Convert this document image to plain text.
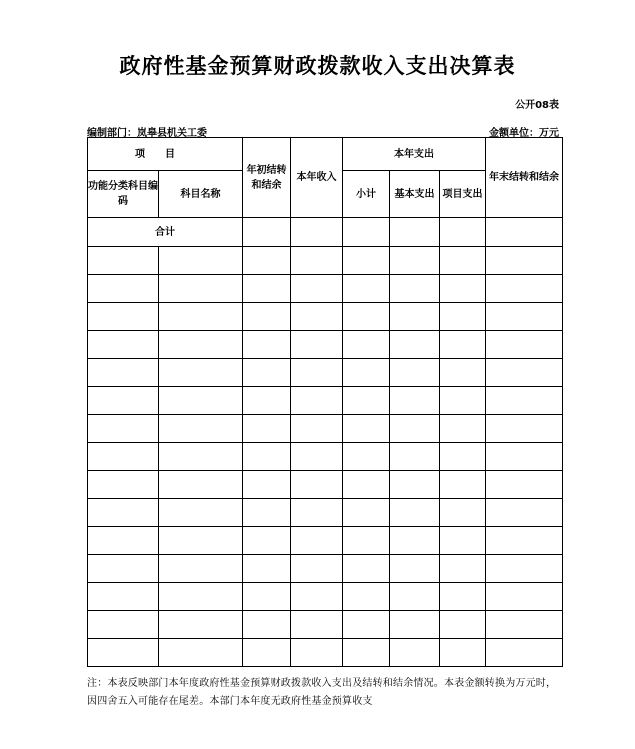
政府性基金预算财政拨款收入支出决算表
公开08表
编制部门：岚皋县机关工委	金额单位：万元
项目		年初结转和结余	本年收入	本年支出			年末结转和结余
功能分类科目编码	科目名称			小计	基本支出	项目支出	
合计							

注：本表反映部门本年度政府性基金预算财政拨款收入支出及结转和结余情况。本表金额转换为万元时，因四舍五入可能存在尾差。本部门本年度无政府性基金预算收支
